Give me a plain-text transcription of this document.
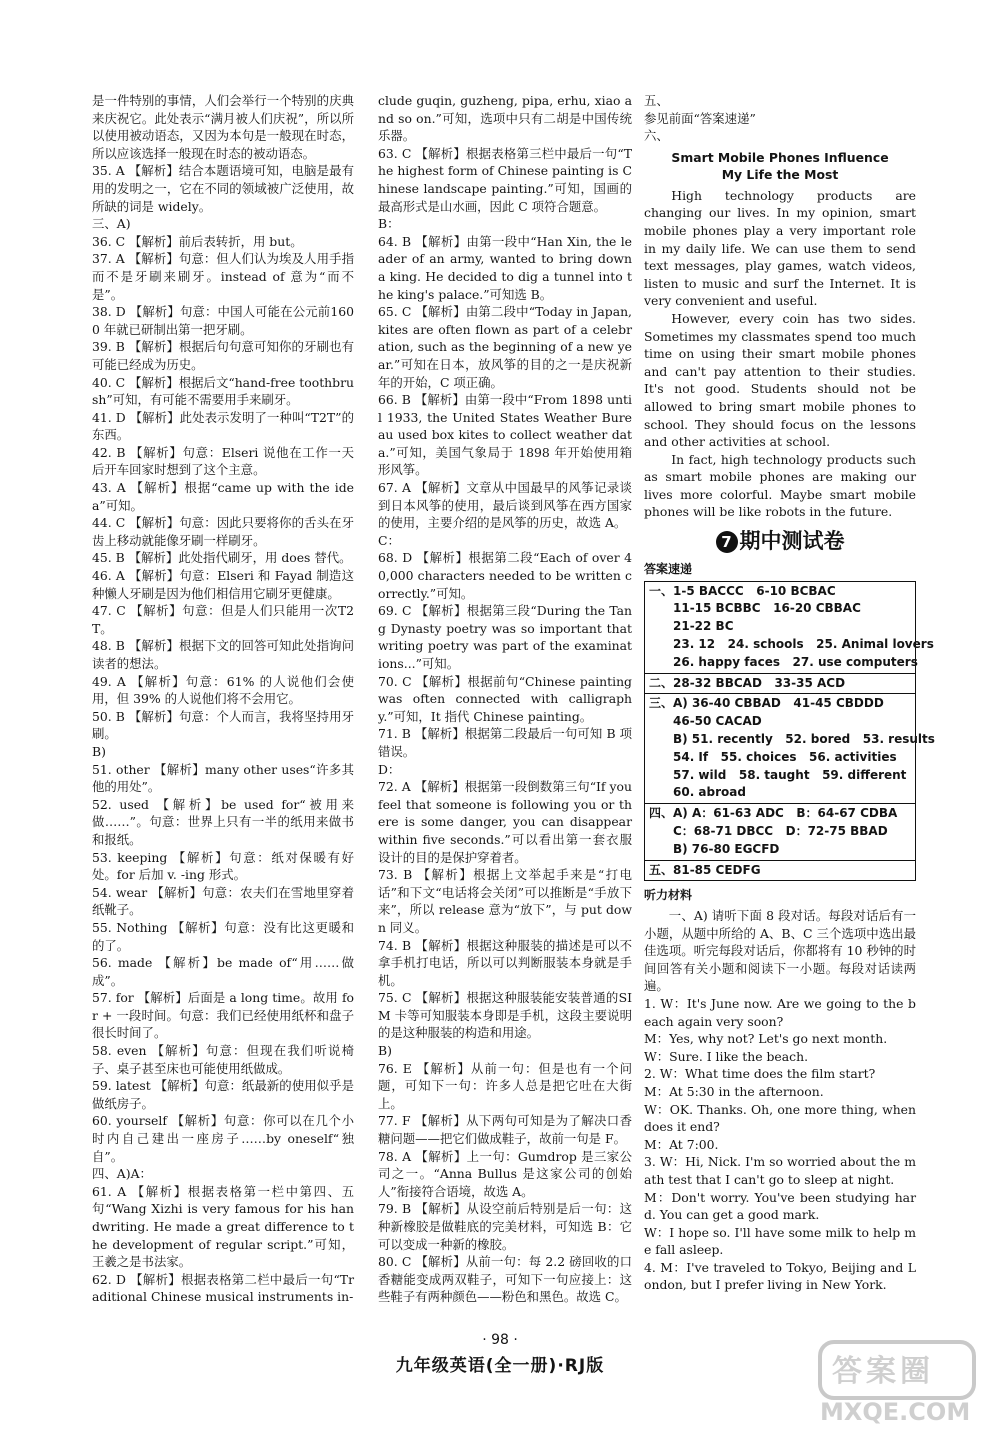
是一件特别的事情，人们会举行一个特别的庆典来庆祝它。此处表示“满月被人们庆祝”，所以所以使用被动语态，又因为本句是一般现在时态，所以应该选择一般现在时态的被动语态。

35. A 【解析】结合本题语境可知，电脑是最有用的发明之一，它在不同的领域被广泛使用，故所缺的词是 widely。

三、A)

36. C 【解析】前后表转折，用 but。

37. A 【解析】句意：但人们认为埃及人用手指而不是牙刷来刷牙。instead of 意为“而不是”。

38. D 【解析】句意：中国人可能在公元前1600 年就已研制出第一把牙刷。

39. B 【解析】根据后句句意可知你的牙刷也有可能已经成为历史。

40. C 【解析】根据后文“hand-free toothbrush”可知，有可能不需要用手来刷牙。

41. D 【解析】此处表示发明了一种叫“T2T”的东西。

42. B 【解析】句意：Elseri 说他在工作一天后开车回家时想到了这个主意。

43. A 【解析】根据“came up with the idea”可知。

44. C 【解析】句意：因此只要将你的舌头在牙齿上移动就能像牙刷一样刷牙。

45. B 【解析】此处指代刷牙，用 does 替代。

46. A 【解析】句意：Elseri 和 Fayad 制造这种懒人牙刷是因为他们相信用它刷牙更健康。

47. C 【解析】句意：但是人们只能用一次T2T。

48. B 【解析】根据下文的回答可知此处指询问读者的想法。

49. A 【解析】句意：61% 的人说他们会使用，但 39% 的人说他们将不会用它。

50. B 【解析】句意：个人而言，我将坚持用牙刷。

B)

51. other 【解析】many other uses“许多其他的用处”。

52. used 【解析】be used for“被用来做……”。句意：世界上只有一半的纸用来做书和报纸。

53. keeping 【解析】句意：纸对保暖有好处。for 后加 v. -ing 形式。

54. wear 【解析】句意：农夫们在雪地里穿着纸靴子。

55. Nothing 【解析】句意：没有比这更暖和的了。

56. made 【解析】be made of“用……做成”。

57. for 【解析】后面是 a long time。故用 for + 一段时间。句意：我们已经使用纸杯和盘子很长时间了。

58. even 【解析】句意：但现在我们听说椅子、桌子甚至床也可能使用纸做成。

59. latest 【解析】句意：纸最新的使用似乎是做纸房子。

60. yourself 【解析】句意：你可以在几个小时内自己建出一座房子……by oneself“独自”。

四、A)A：

61. A 【解析】根据表格第一栏中第四、五句“Wang Xizhi is very famous for his handwriting. He made a great difference to the development of regular script.”可知，王羲之是书法家。

62. D 【解析】根据表格第二栏中最后一句“Traditional Chinese musical instruments in-

clude guqin, guzheng, pipa, erhu, xiao and so on.”可知，选项中只有二胡是中国传统乐器。

63. C 【解析】根据表格第三栏中最后一句“The highest form of Chinese painting is Chinese landscape painting.”可知，国画的最高形式是山水画，因此 C 项符合题意。

B：

64. B 【解析】由第一段中“Han Xin, the leader of an army, wanted to bring down a king. He decided to dig a tunnel into the king's palace.”可知选 B。

65. C 【解析】由第二段中“Today in Japan, kites are often flown as part of a celebration, such as the beginning of a new year.”可知在日本，放风筝的目的之一是庆祝新年的开始，C 项正确。

66. B 【解析】由第一段中“From 1898 until 1933, the United States Weather Bureau used box kites to collect weather data.”可知，美国气象局于 1898 年开始使用箱形风筝。

67. A 【解析】文章从中国最早的风筝记录谈到日本风筝的使用，最后谈到风筝在西方国家的使用，主要介绍的是风筝的历史，故选 A。

C：

68. D 【解析】根据第二段“Each of over 40,000 characters needed to be written correctly.”可知。

69. C 【解析】根据第三段“During the Tang Dynasty poetry was so important that writing poetry was part of the examinations...”可知。

70. C 【解析】根据前句“Chinese painting was often connected with calligraphy.”可知，It 指代 Chinese painting。

71. B 【解析】根据第二段最后一句可知 B 项错误。

D：

72. A 【解析】根据第一段倒数第三句“If you feel that someone is following you or there is some danger, you can disappear within five seconds.”可以看出第一套衣服设计的目的是保护穿着者。

73. B 【解析】根据上文举起手来是“打电话”和下文“电话将会关闭”可以推断是“手放下来”，所以 release 意为“放下”，与 put down 同义。

74. B 【解析】根据这种服装的描述是可以不拿手机打电话，所以可以判断服装本身就是手机。

75. C 【解析】根据这种服装能安装普通的SIM 卡等可知服装本身即是手机，这段主要说明的是这种服装的构造和用途。

B)

76. E 【解析】从前一句：但是也有一个问题，可知下一句：许多人总是把它吐在大街上。

77. F 【解析】从下两句可知是为了解决口香糖问题——把它们做成鞋子，故前一句是 F。

78. A 【解析】上一句：Gumdrop 是三家公司之一。“Anna Bullus 是这家公司的创始人”衔接符合语境，故选 A。

79. B 【解析】从设空前后特别是后一句：这种新橡胶是做鞋底的完美材料，可知选 B：它可以变成一种新的橡胶。

80. C 【解析】从前一句：每 2.2 磅回收的口香糖能变成两双鞋子，可知下一句应接上：这些鞋子有两种颜色——粉色和黑色。故选 C。

五、

参见前面“答案速递”

六、

Smart Mobile Phones Influence
My Life the Most

High technology products are changing our lives. In my opinion, smart mobile phones play a very important role in my daily life. We can use them to send text messages, play games, watch videos, listen to music and surf the Internet. It is very convenient and useful.

However, every coin has two sides. Sometimes my classmates spend too much time on using their smart mobile phones and can't pay attention to their studies. It's not good. Students should not be allowed to bring smart mobile phones to school. They should focus on the lessons and other activities at school.

In fact, high technology products such as smart mobile phones are making our lives more colorful. Maybe smart mobile phones will be like robots in the future.

7 期中测试卷
答案速递
一、1-5 BACCC   6-10 BCBAC
11-15 BCBBC   16-20 CBBAC
21-22 BC
23. 12   24. schools   25. Animal lovers
26. happy faces   27. use computers
二、28-32 BBCAD   33-35 ACD
三、A) 36-40 CBBAD   41-45 CBDDD
46-50 CACAD
B) 51. recently   52. bored   53. results
54. If   55. choices   56. activities
57. wild   58. taught   59. different
60. abroad
四、A) A：61-63 ADC   B：64-67 CDBA
C：68-71 DBCC   D：72-75 BBAD
B) 76-80 EGCFD
五、81-85 CEDFG
听力材料

一、A) 请听下面 8 段对话。每段对话后有一小题，从题中所给的 A、B、C 三个选项中选出最佳选项。听完每段对话后，你都将有 10 秒钟的时间回答有关小题和阅读下一小题。每段对话读两遍。

1. W：It's June now. Are we going to the beach again very soon?

M：Yes, why not? Let's go next month.

W：Sure. I like the beach.

2. W：What time does the film start?

M：At 5:30 in the afternoon.

W：OK. Thanks. Oh, one more thing, when does it end?

M：At 7:00.

3. W：Hi, Nick. I'm so worried about the math test that I can't go to sleep at night.

M：Don't worry. You've been studying hard. You can get a good mark.

W：I hope so. I'll have some milk to help me fall asleep.

4. M：I've traveled to Tokyo, Beijing and London, but I prefer living in New York.

· 98 ·
九年级英语(全一册)·RJ版	答案圈
MXQE.COM
